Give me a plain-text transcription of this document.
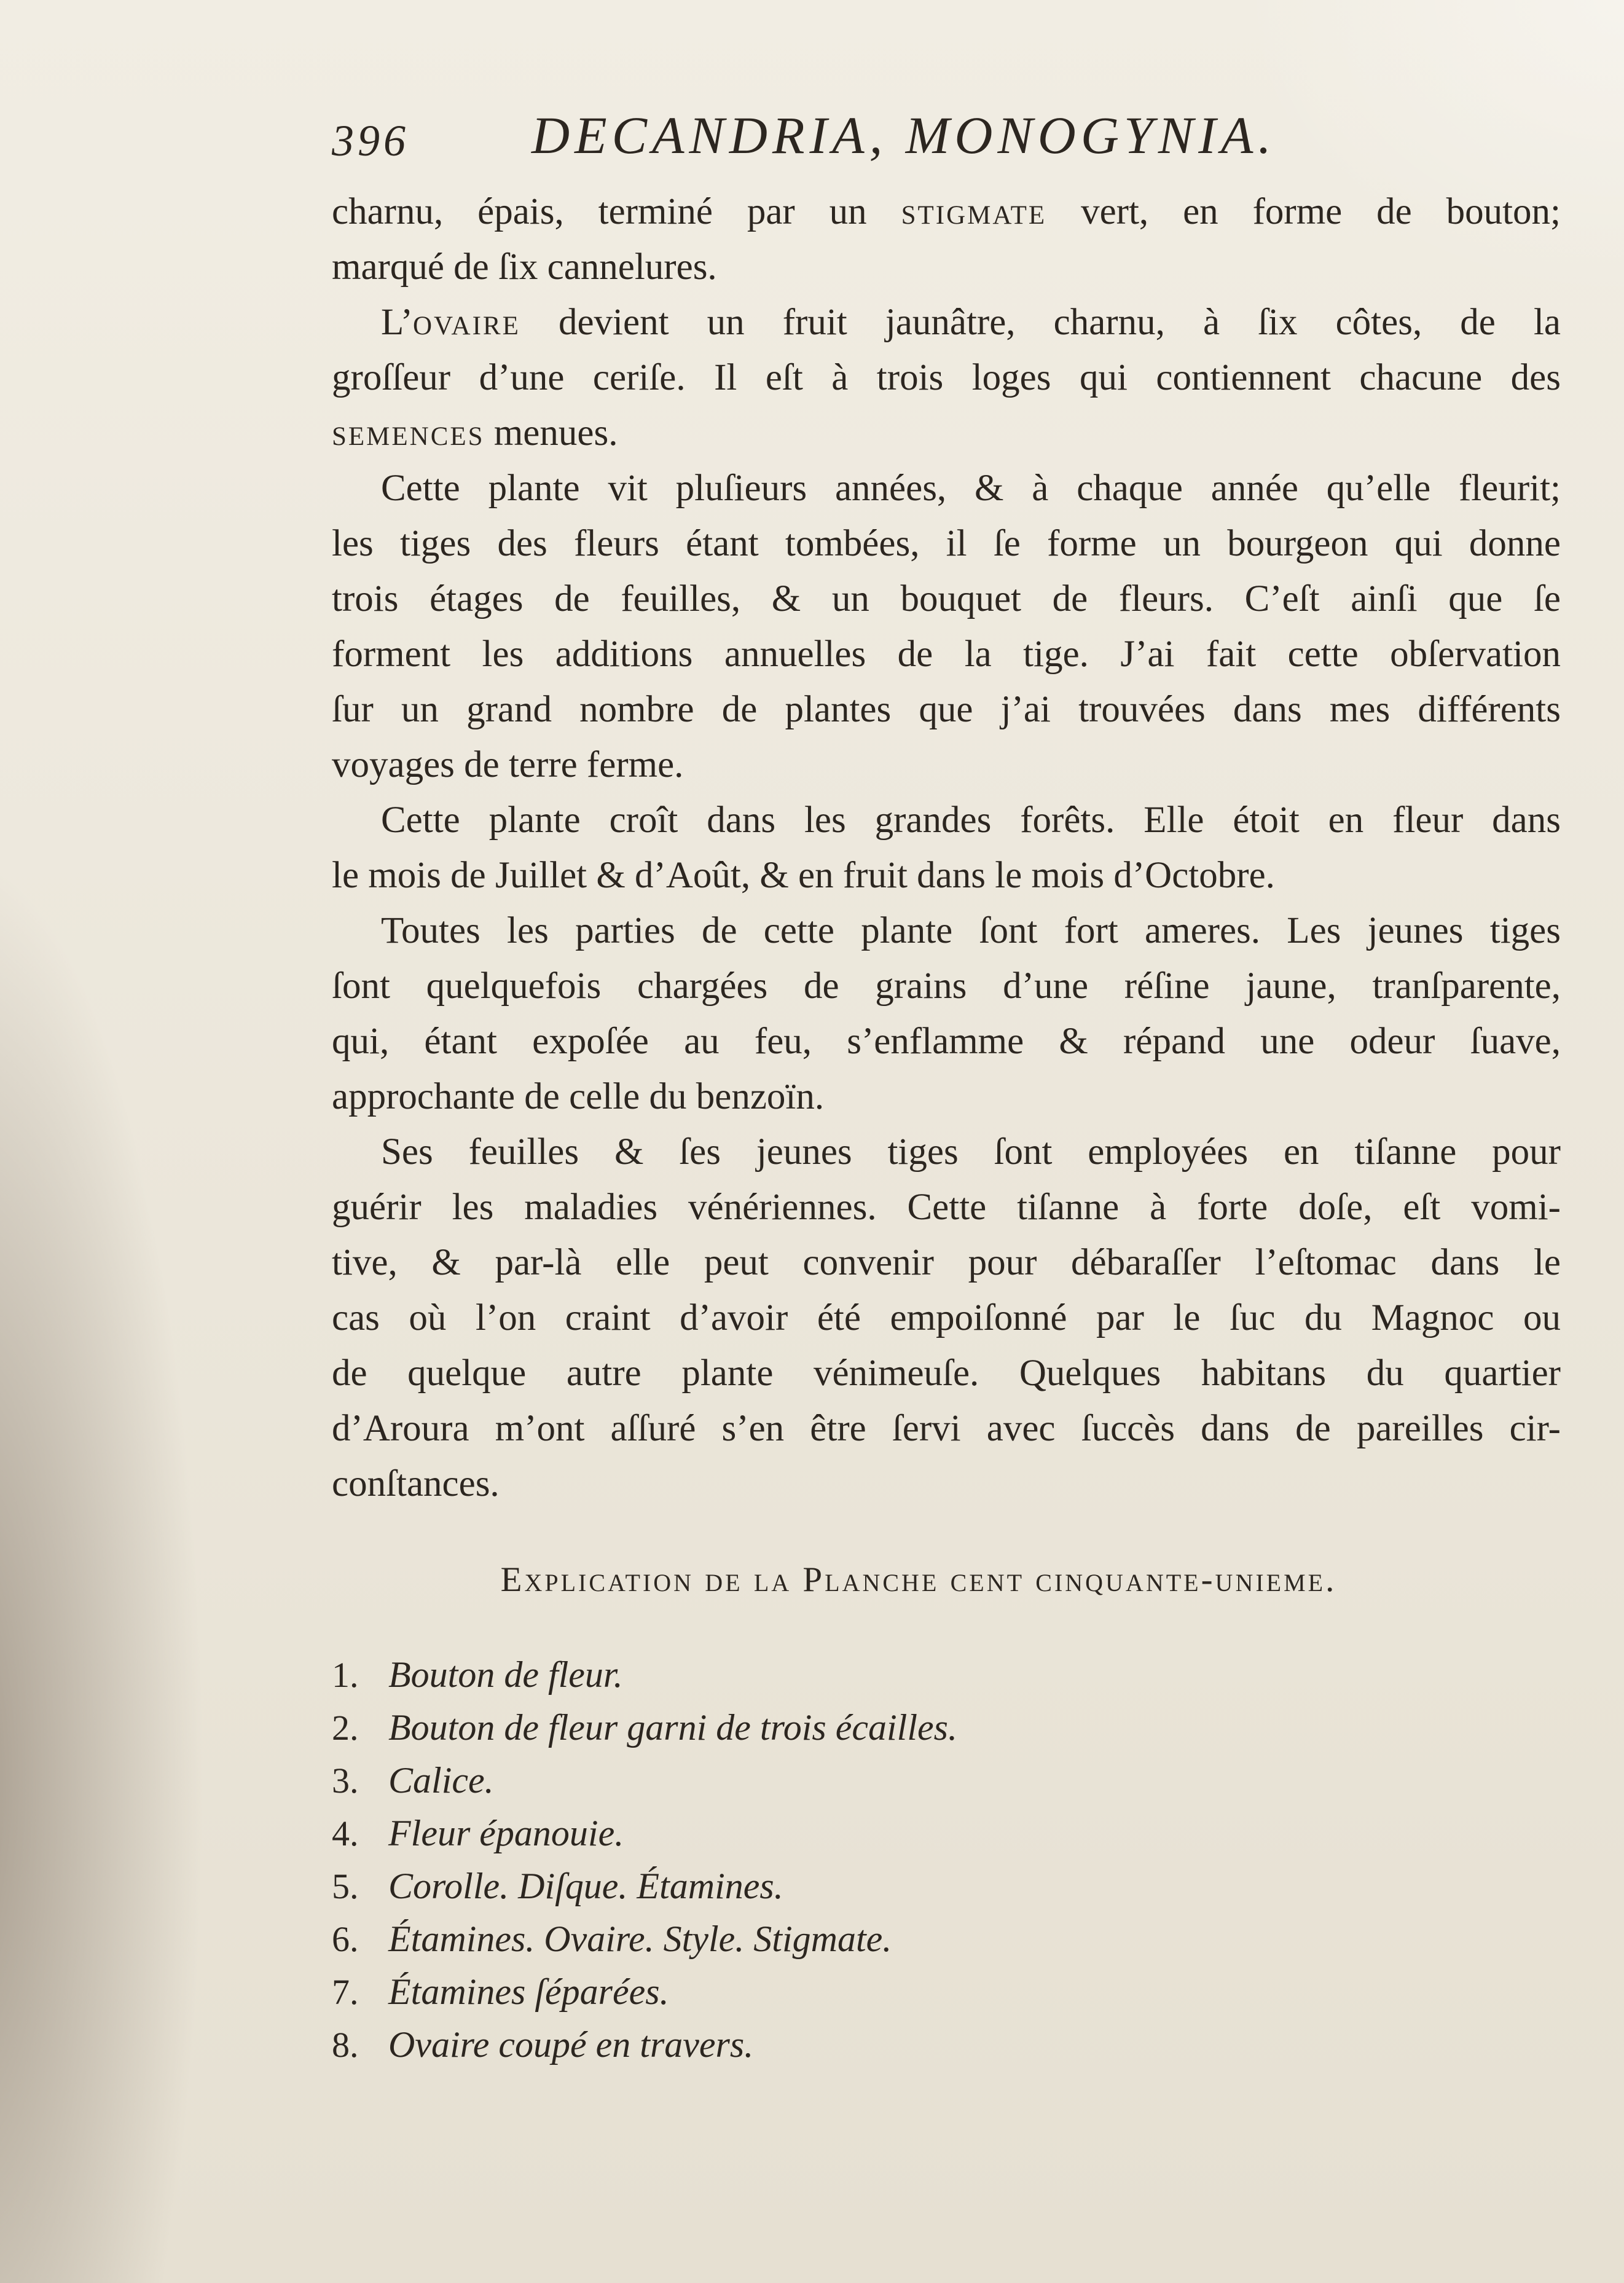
396 DECANDRIA, MONOGYNIA.
charnu, épais, terminé par un stigmate vert, en forme de bouton;
marqué de ſix cannelures.
L’ovaire devient un fruit jaunâtre, charnu, à ſix côtes, de la
groſſeur d’une ceriſe. Il eſt à trois loges qui contiennent chacune des
semences menues.
Cette plante vit pluſieurs années, & à chaque année qu’elle fleurit;
les tiges des fleurs étant tombées, il ſe forme un bourgeon qui donne
trois étages de feuilles, & un bouquet de fleurs. C’eſt ainſi que ſe
forment les additions annuelles de la tige. J’ai fait cette obſervation
ſur un grand nombre de plantes que j’ai trouvées dans mes différents
voyages de terre ferme.
Cette plante croît dans les grandes forêts. Elle étoit en fleur dans
le mois de Juillet & d’Août, & en fruit dans le mois d’Octobre.
Toutes les parties de cette plante ſont fort ameres. Les jeunes tiges
ſont quelquefois chargées de grains d’une réſine jaune, tranſparente,
qui, étant expoſée au feu, s’enflamme & répand une odeur ſuave,
approchante de celle du benzoïn.
Ses feuilles & ſes jeunes tiges ſont employées en tiſanne pour
guérir les maladies vénériennes. Cette tiſanne à forte doſe, eſt vomi-
tive, & par-là elle peut convenir pour débaraſſer l’eſtomac dans le
cas où l’on craint d’avoir été empoiſonné par le ſuc du Magnoc ou
de quelque autre plante vénimeuſe. Quelques habitans du quartier
d’Aroura m’ont aſſuré s’en être ſervi avec ſuccès dans de pareilles cir-
conſtances.
Explication de la Planche cent cinquante-unieme.
1. Bouton de fleur.
2. Bouton de fleur garni de trois écailles.
3. Calice.
4. Fleur épanouie.
5. Corolle. Diſque. Étamines.
6. Étamines. Ovaire. Style. Stigmate.
7. Étamines ſéparées.
8. Ovaire coupé en travers.
